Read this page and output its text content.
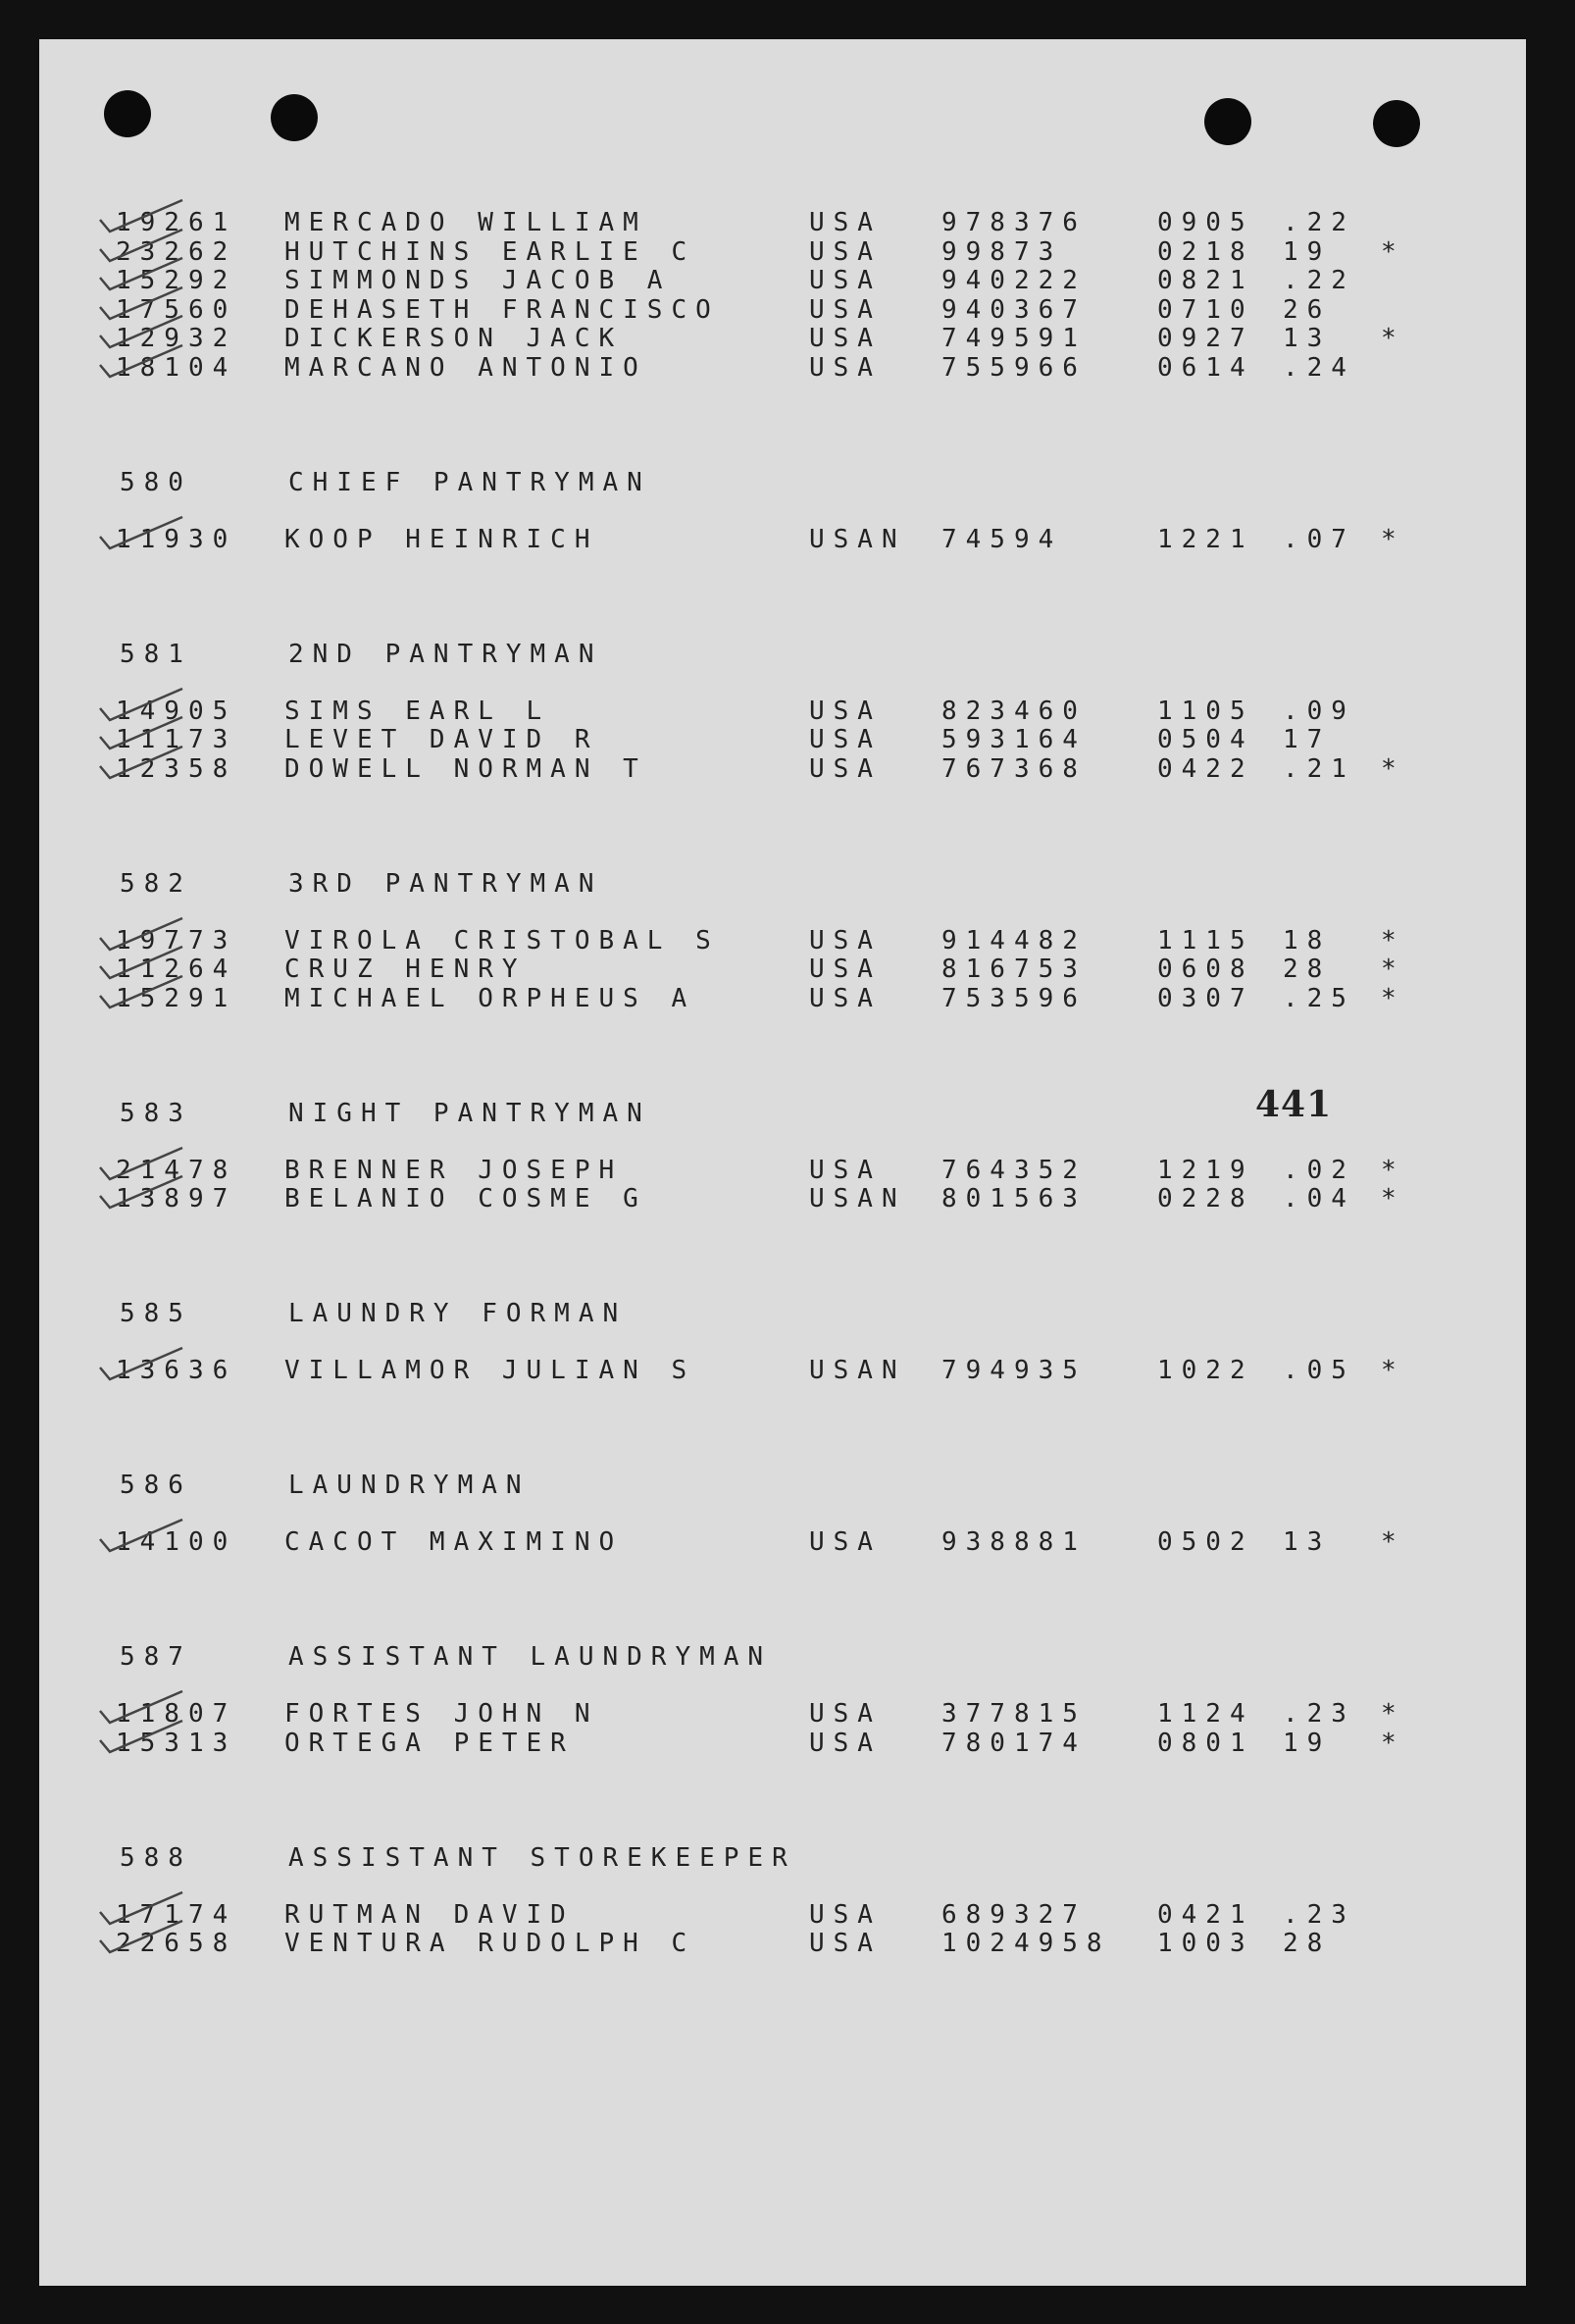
441
19261 MERCADO WILLIAM	USA 978376	0905 .22
23262 HUTCHINS EARLIE C	USA 99873	0218 19 *
15292 SIMMONDS JACOB A	USA 940222	0821 .22
17560 DEHASETH FRANCISCO	USA 940367	0710 26
12932 DICKERSON JACK	USA 749591	0927 13 *
18104 MARCANO ANTONIO	USA 755966	0614 .24
580	CHIEF PANTRYMAN
11930 KOOP HEINRICH	USAN 74594	1221 .07 *
581	2ND PANTRYMAN
14905 SIMS EARL L	USA 823460	1105 .09
11173 LEVET DAVID R	USA 593164	0504 17
12358 DOWELL NORMAN T	USA 767368	0422 .21 *
582	3RD PANTRYMAN
19773 VIROLA CRISTOBAL S	USA 914482	1115 18 *
11264 CRUZ HENRY	USA 816753	0608 28 *
15291 MICHAEL ORPHEUS A	USA 753596	0307 .25 *
583	NIGHT PANTRYMAN
21478 BRENNER JOSEPH	USA 764352	1219 .02 *
13897 BELANIO COSME G	USAN 801563	0228 .04 *
585	LAUNDRY FORMAN
13636 VILLAMOR JULIAN S	USAN 794935	1022 .05 *
586	LAUNDRYMAN
14100 CACOT MAXIMINO	USA 938881	0502 13 *
587	ASSISTANT LAUNDRYMAN
11807 FORTES JOHN N	USA 377815	1124 .23 *
15313 ORTEGA PETER	USA 780174	0801 19 *
588	ASSISTANT STOREKEEPER
17174 RUTMAN DAVID	USA 689327	0421 .23
22658 VENTURA RUDOLPH C	USA 1024958 1003 28
